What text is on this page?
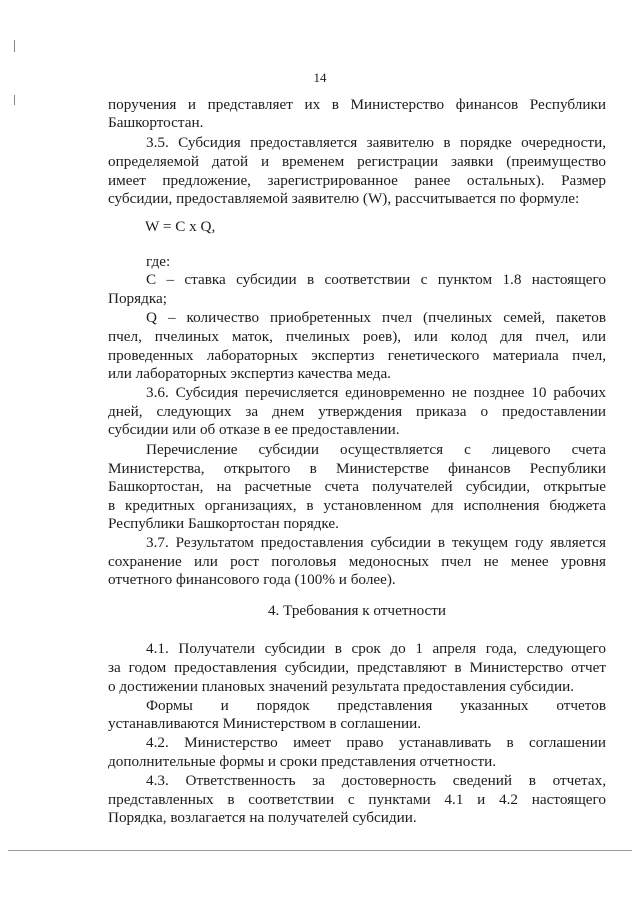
14
поручения и представляет их в Министерство финансов Республики
Башкортостан.
3.5. Субсидия предоставляется заявителю в порядке очередности,
определяемой датой и временем регистрации заявки (преимущество
имеет предложение, зарегистрированное ранее остальных). Размер
субсидии, предоставляемой заявителю (W), рассчитывается по формуле:
W = C x Q,
где:
C – ставка субсидии в соответствии с пунктом 1.8 настоящего
Порядка;
Q – количество приобретенных пчел (пчелиных семей, пакетов
пчел, пчелиных маток, пчелиных роев), или колод для пчел, или
проведенных лабораторных экспертиз генетического материала пчел,
или лабораторных экспертиз качества меда.
3.6. Субсидия перечисляется единовременно не позднее 10 рабочих
дней, следующих за днем утверждения приказа о предоставлении
субсидии или об отказе в ее предоставлении.
Перечисление субсидии осуществляется с лицевого счета
Министерства, открытого в Министерстве финансов Республики
Башкортостан, на расчетные счета получателей субсидии, открытые
в кредитных организациях, в установленном для исполнения бюджета
Республики Башкортостан порядке.
3.7. Результатом предоставления субсидии в текущем году является
сохранение или рост поголовья медоносных пчел не менее уровня
отчетного финансового года (100% и более).
4. Требования к отчетности
4.1. Получатели субсидии в срок до 1 апреля года, следующего
за годом предоставления субсидии, представляют в Министерство отчет
о достижении плановых значений результата предоставления субсидии.
Формы и порядок представления указанных отчетов
устанавливаются Министерством в соглашении.
4.2. Министерство имеет право устанавливать в соглашении
дополнительные формы и сроки представления отчетности.
4.3. Ответственность за достоверность сведений в отчетах,
представленных в соответствии с пунктами 4.1 и 4.2 настоящего
Порядка, возлагается на получателей субсидии.
